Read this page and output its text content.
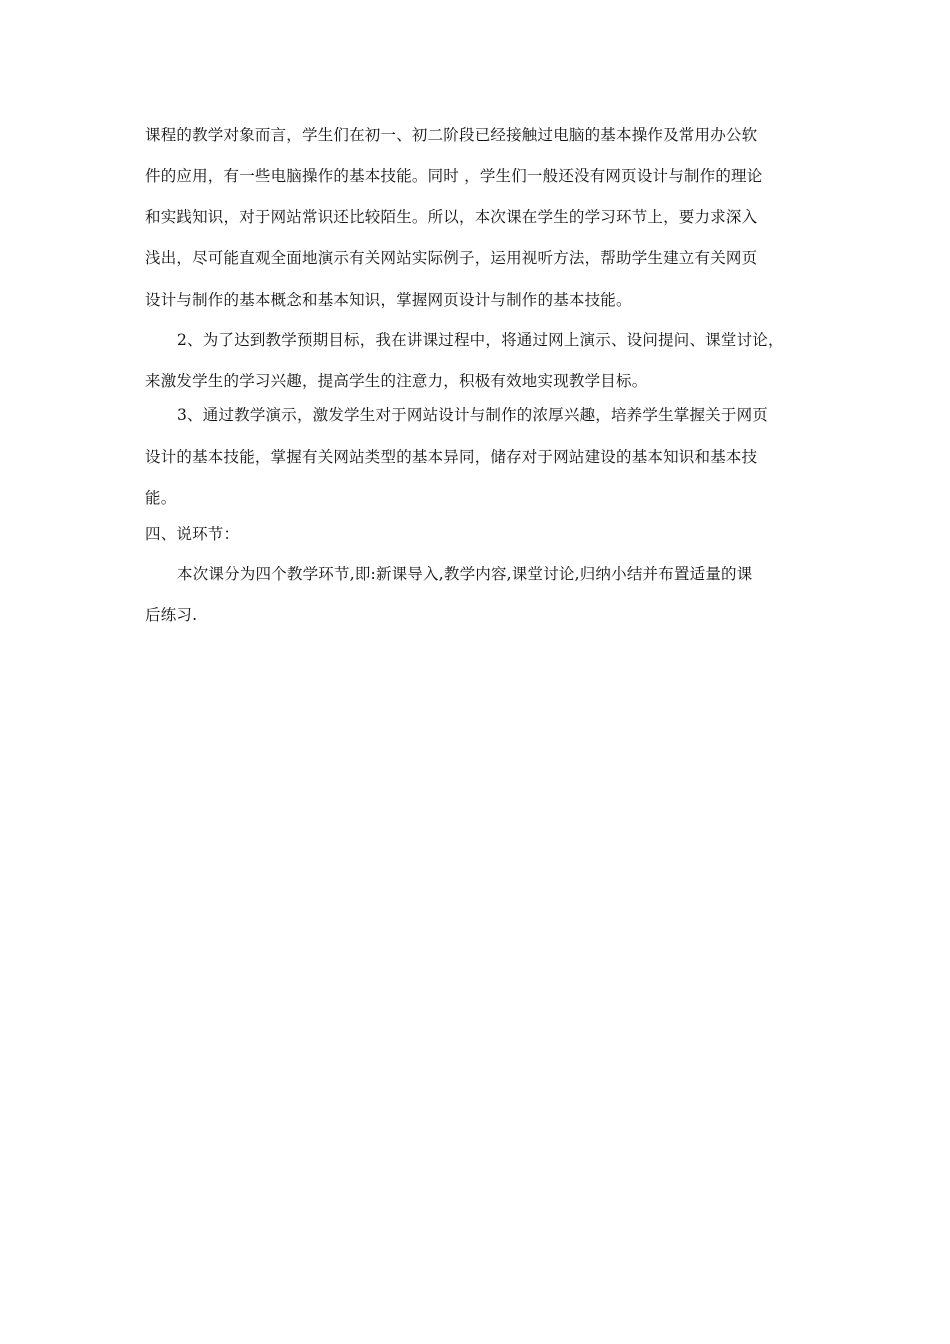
课程的教学对象而言，学生们在初一、初二阶段已经接触过电脑的基本操作及常用办公软
件的应用，有一些电脑操作的基本技能。同时 ，学生们一般还没有网页设计与制作的理论
和实践知识，对于网站常识还比较陌生。所以，本次课在学生的学习环节上，要力求深入
浅出，尽可能直观全面地演示有关网站实际例子，运用视听方法，帮助学生建立有关网页
设计与制作的基本概念和基本知识，掌握网页设计与制作的基本技能。
2、为了达到教学预期目标，我在讲课过程中，将通过网上演示、设问提问、课堂讨论，
来激发学生的学习兴趣，提高学生的注意力，积极有效地实现教学目标。
3、通过教学演示，激发学生对于网站设计与制作的浓厚兴趣，培养学生掌握关于网页
设计的基本技能，掌握有关网站类型的基本异同，储存对于网站建设的基本知识和基本技
能。
四、说环节：
本次课分为四个教学环节,即:新课导入,教学内容,课堂讨论,归纳小结并布置适量的课
后练习.
